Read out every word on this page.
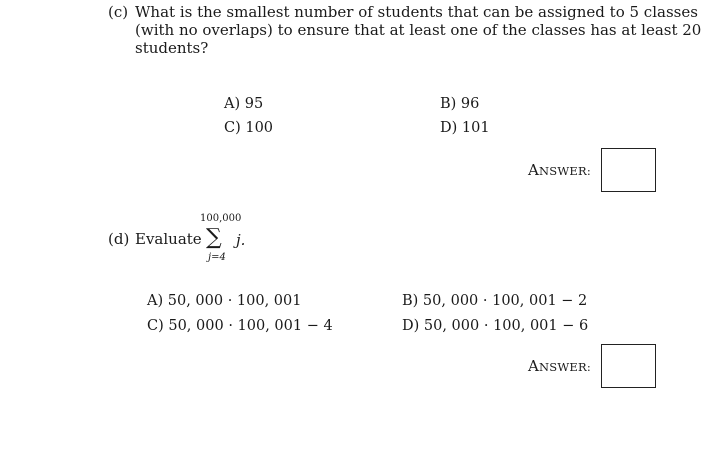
(c) What is the smallest number of students that can be assigned to 5 classes
(with no overlaps) to ensure that at least one of the classes has at least 20
students?
A) 95	B) 96
C) 100	D) 101
ANSWER:
100,000
(d) Evaluate ∑ j.
j=4
A) 50, 000 · 100, 001	B) 50, 000 · 100, 001 − 2
C) 50, 000 · 100, 001 − 4	D) 50, 000 · 100, 001 − 6
ANSWER:
